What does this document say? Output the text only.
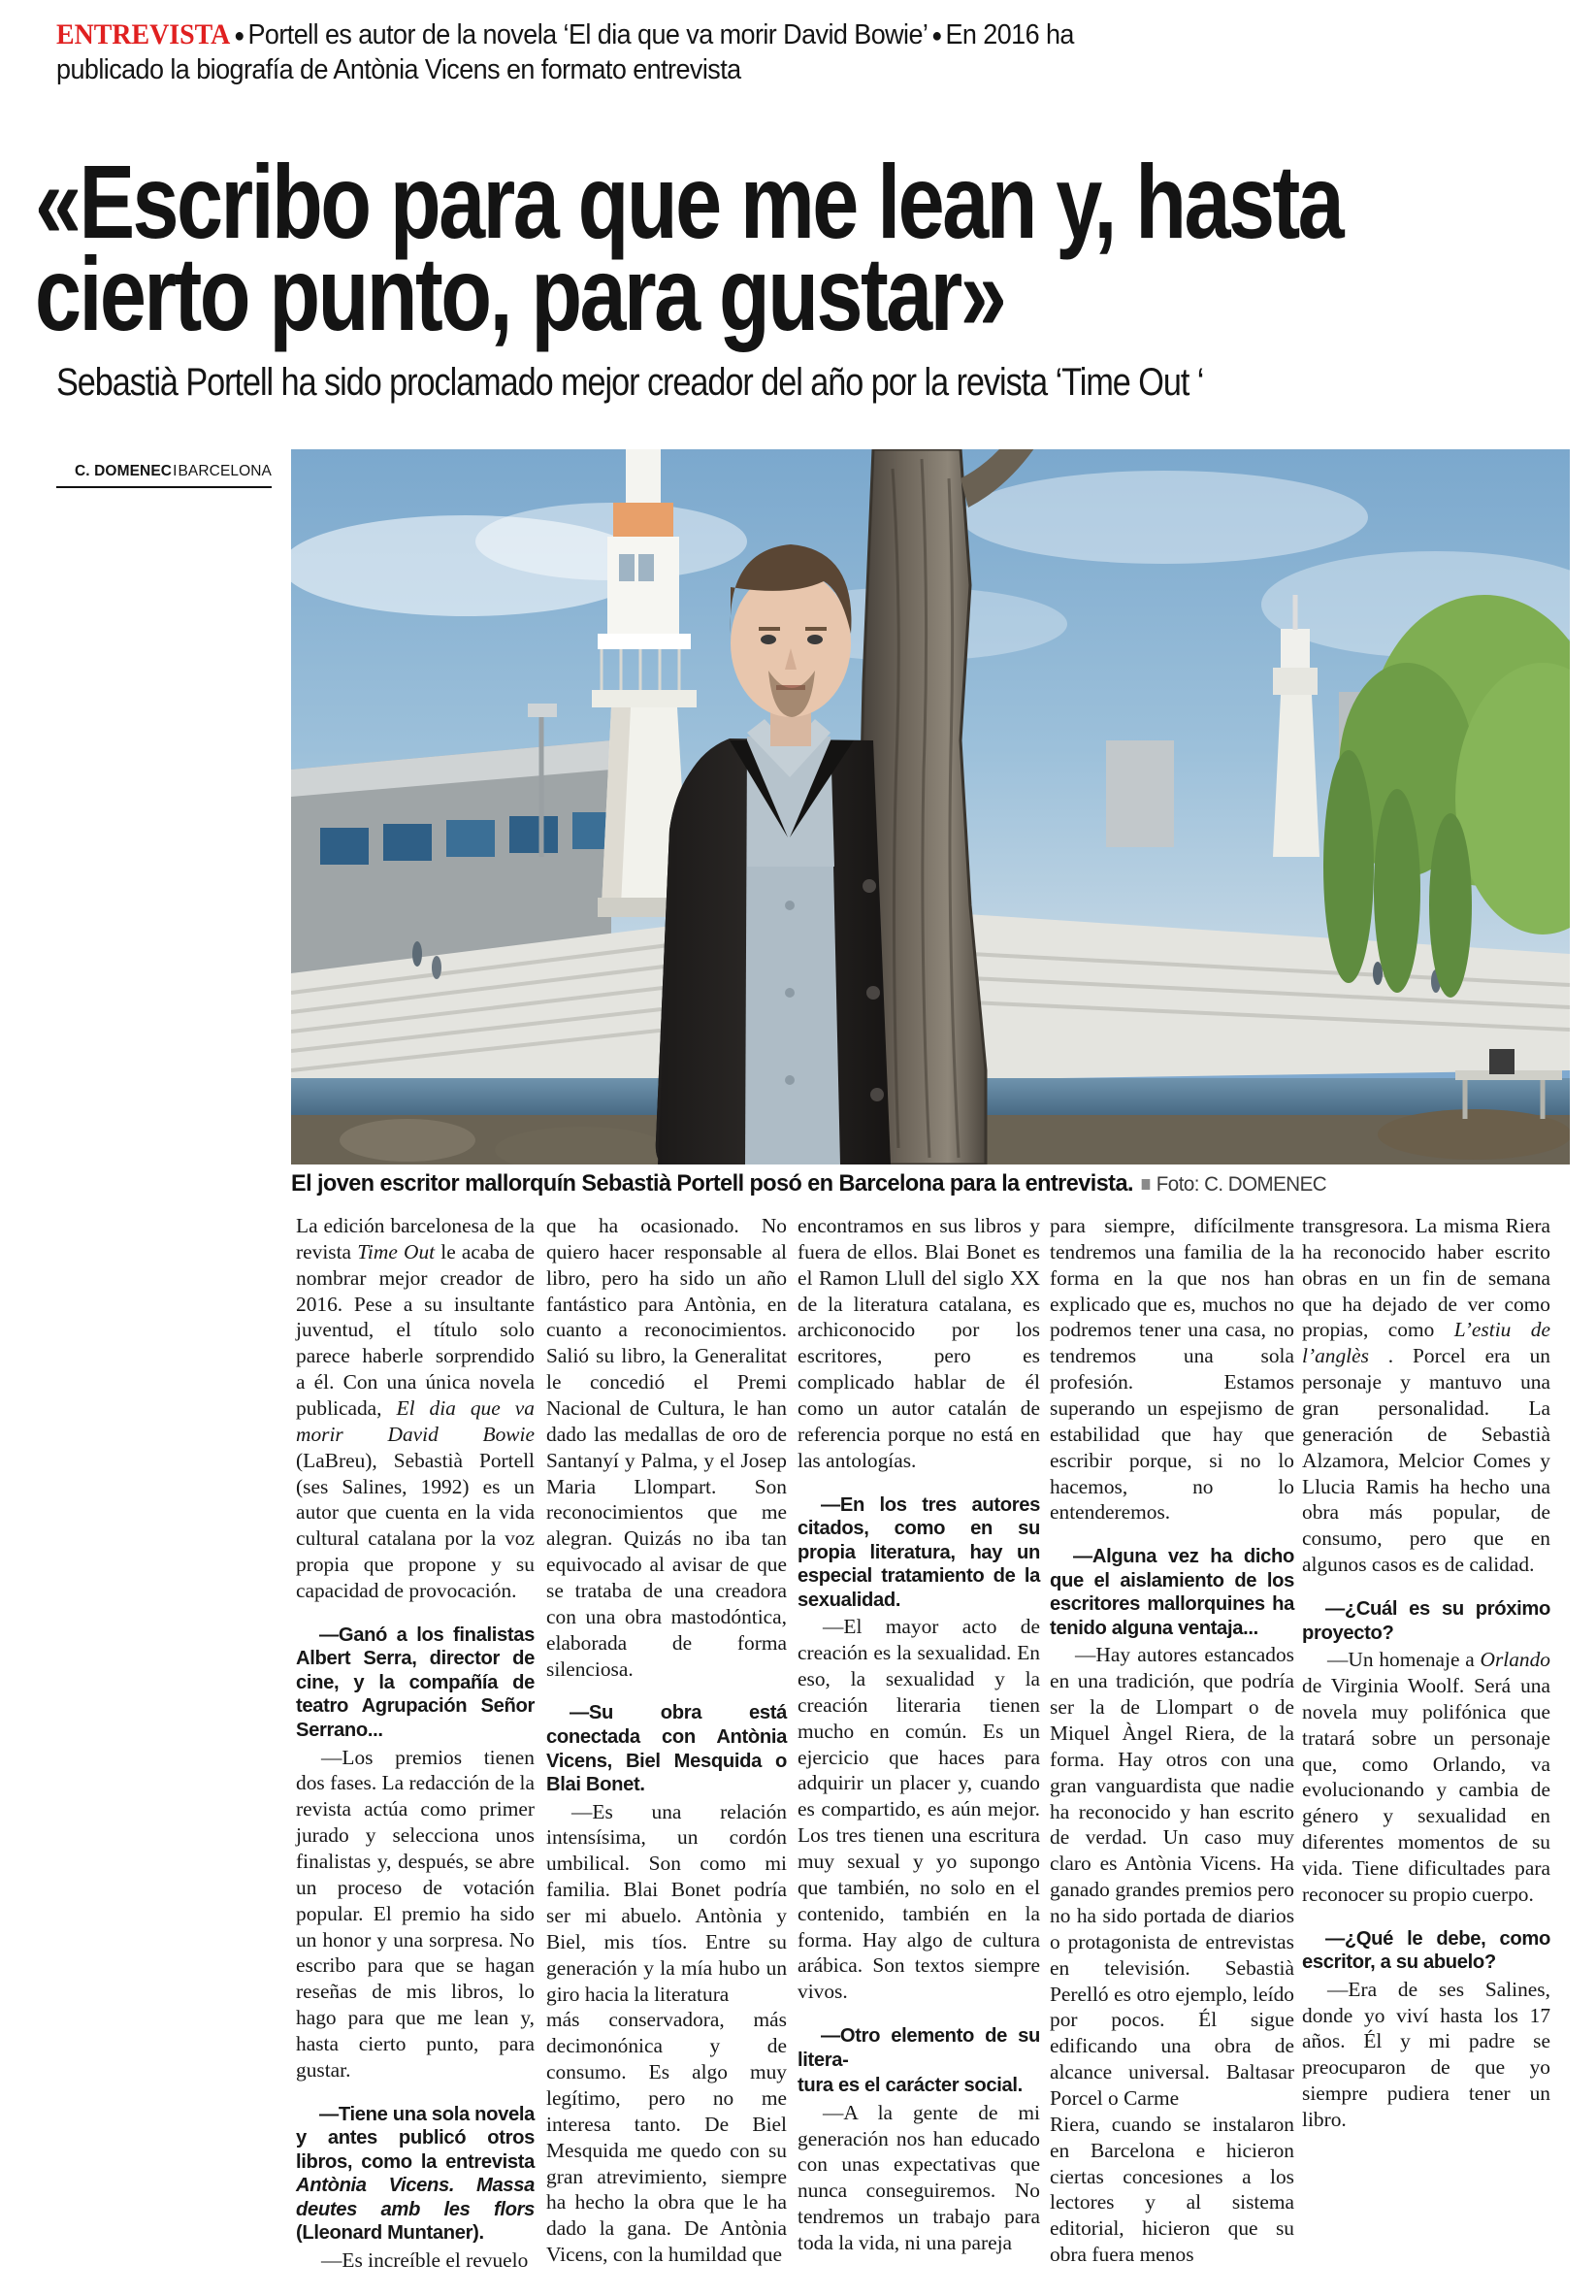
ENTREVISTA ● Portell es autor de la novela ‘El dia que va morir David Bowie’ ● En 2016 ha
publicado la biografía de Antònia Vicens en formato entrevista
«Escribo para que me lean y, hasta
cierto punto, para gustar»
Sebastià Portell ha sido proclamado mejor creador del año por la revista ‘Time Out ‘
C. DOMENECIBARCELONA
El joven escritor mallorquín Sebastià Portell posó en Barcelona para la entrevista. Foto: C. DOMENEC

La edición barcelonesa de la revista Time Out le acaba de nombrar mejor creador de 2016. Pese a su insultante juventud, el título solo parece haberle sorprendido a él. Con una única novela publicada, El dia que va morir David Bowie (LaBreu), Sebastià Portell (ses Salines, 1992) es un autor que cuenta en la vida cultural catalana por la voz propia que propone y su capacidad de provocación.

—Ganó a los finalistas Albert Serra, director de cine, y la compañía de teatro Agrupación Señor Serrano...

—Los premios tienen dos fases. La redacción de la revista actúa como primer jurado y selecciona unos finalistas y, después, se abre un proceso de votación popular. El premio ha sido un honor y una sorpresa. No escribo para que se hagan reseñas de mis libros, lo hago para que me lean y, hasta cierto punto, para gustar.

—Tiene una sola novela y antes publicó otros libros, como la entrevista Antònia Vicens. Massa deutes amb les flors (Lleonard Muntaner).

—Es increíble el revuelo

que ha ocasionado. No quiero hacer responsable al libro, pero ha sido un año fantástico para Antònia, en cuanto a reconocimientos. Salió su libro, la Generalitat le concedió el Premi Nacional de Cultura, le han dado las medallas de oro de Santanyí y Palma, y el Josep Maria Llompart. Son reconocimientos que me alegran. Quizás no iba tan equivocado al avisar de que se trataba de una creadora con una obra mastodóntica, elaborada de forma silenciosa.

—Su obra está conectada con Antònia Vicens, Biel Mesquida o Blai Bonet.

—Es una relación intensísima, un cordón umbilical. Son como mi familia. Blai Bonet podría ser mi abuelo. Antònia y Biel, mis tíos. Entre su generación y la mía hubo un giro hacia la literatura

más conservadora, más decimonónica y de consumo. Es algo muy legítimo, pero no me interesa tanto. De Biel Mesquida me quedo con su gran atrevimiento, siempre ha hecho la obra que le ha dado la gana. De Antònia Vicens, con la humildad que

encontramos en sus libros y fuera de ellos. Blai Bonet es el Ramon Llull del siglo XX de la literatura catalana, es archiconocido por los escritores, pero es complicado hablar de él como un autor catalán de referencia porque no está en las antologías.

—En los tres autores citados, como en su propia literatura, hay un especial tratamiento de la sexualidad.

—El mayor acto de creación es la sexualidad. En eso, la sexualidad y la creación literaria tienen mucho en común. Es un ejercicio que haces para adquirir un placer y, cuando es compartido, es aún mejor. Los tres tienen una escritura muy sexual y yo supongo que también, no solo en el contenido, también en la forma. Hay algo de cultura arábica. Son textos siempre vivos.

—Otro elemento de su litera-

tura es el carácter social.

—A la gente de mi generación nos han educado con unas expectativas que nunca conseguiremos. No tendremos un trabajo para toda la vida, ni una pareja

para siempre, difícilmente tendremos una familia de la forma en la que nos han explicado que es, muchos no podremos tener una casa, no tendremos una sola profesión.	Estamos superando un espejismo de estabilidad que hay que escribir porque, si no lo hacemos,	no	lo entenderemos.

—Alguna vez ha dicho que el aislamiento de los escritores mallorquines ha tenido alguna ventaja...

—Hay autores estancados en una tradición, que podría ser la de Llompart o de Miquel Àngel Riera, de la forma. Hay otros con una gran vanguardista que nadie ha reconocido y han escrito de verdad. Un caso muy claro es Antònia Vicens. Ha ganado grandes premios pero no ha sido portada de diarios o protagonista de entrevistas en televisión. Sebastià Perelló es otro ejemplo, leído por pocos. Él sigue edificando una obra de alcance universal. Baltasar Porcel o Carme

Riera, cuando se instalaron en Barcelona e hicieron ciertas concesiones a los lectores y al sistema editorial, hicieron que su obra fuera menos

transgresora. La misma Riera ha reconocido haber escrito obras en un fin de semana que ha dejado de ver como propias, como L’estiu de l’anglès . Porcel era un personaje y mantuvo una gran personalidad. La generación de Sebastià Alzamora, Melcior Comes y Llucia Ramis ha hecho una obra más popular, de consumo, pero que en algunos casos es de calidad.

—¿Cuál es su próximo proyecto?

—Un homenaje a Orlando de Virginia Woolf. Será una novela muy polifónica que tratará sobre un personaje que, como Orlando, va evolucionando y cambia de género y sexualidad en diferentes momentos de su vida. Tiene dificultades para reconocer su propio cuerpo.

—¿Qué le debe, como escritor, a su abuelo?

—Era de ses Salines, donde yo viví hasta los 17 años. Él y mi padre se preocuparon de que yo siempre pudiera tener un libro.
